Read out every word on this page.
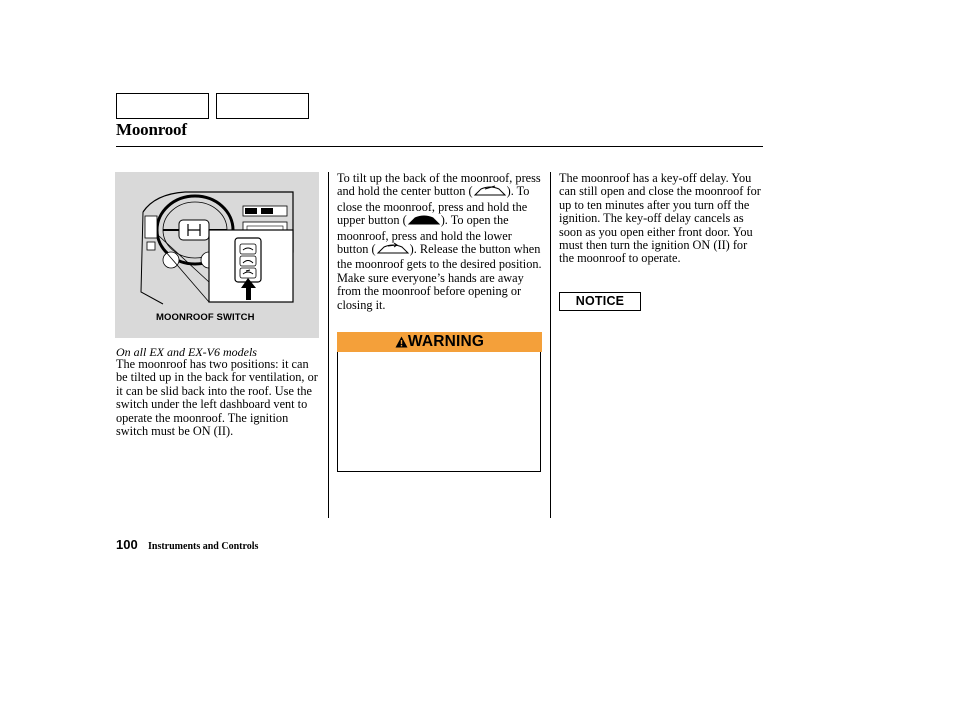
Moonroof
MOONROOF SWITCH
On all EX and EX-V6 models

The moonroof has two positions: it can be tilted up in the back for ventilation, or it can be slid back into the roof. Use the switch under the left dashboard vent to operate the moonroof. The ignition switch must be ON (II).

To tilt up the back of the moonroof, press and hold the center button (	). To close the moonroof, press and hold the upper button (	). To open the moonroof, press and hold the lower button (	). Release the button when the moonroof gets to the desired position. Make sure everyone’s hands are away from the moonroof before opening or closing it.

WARNING

The moonroof has a key-off delay. You can still open and close the moonroof for up to ten minutes after you turn off the ignition. The key-off delay cancels as soon as you open either front door. You must then turn the ignition ON (II) for the moonroof to operate.

NOTICE
100 Instruments and Controls
